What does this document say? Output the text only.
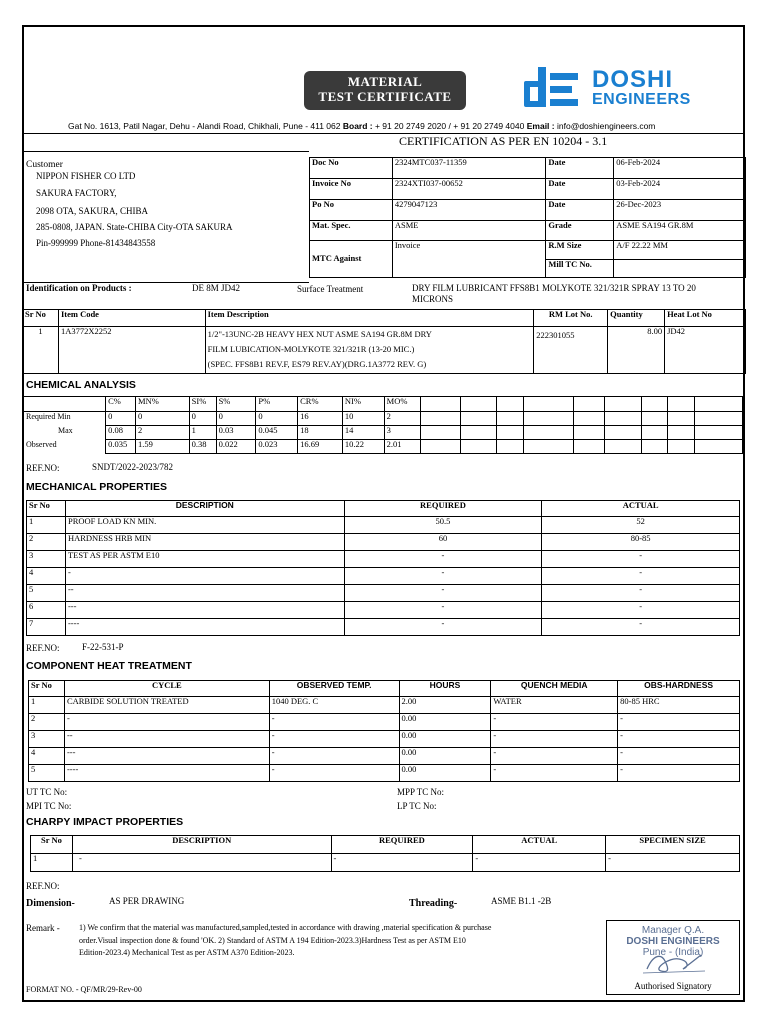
MATERIAL
TEST CERTIFICATE
DOSHI
ENGINEERS
Gat No. 1613, Patil Nagar, Dehu - Alandi Road, Chikhali, Pune - 411 062 Board : + 91 20 2749 2020 / + 91 20 2749 4040 Email : info@doshiengineers.com
CERTIFICATION AS PER EN 10204 - 3.1
Customer
NIPPON FISHER CO LTD
SAKURA FACTORY,
2098 OTA, SAKURA, CHIBA
285-0808, JAPAN. State-CHIBA City-OTA SAKURA
Pin-999999 Phone-81434843558
Doc No	2324MTC037-11359	Date	06-Feb-2024
Invoice No	2324XTI037-00652	Date	03-Feb-2024
Po No	4279047123	Date	26-Dec-2023
Mat. Spec.	ASME	Grade	ASME SA194 GR.8M
MTC Against	Invoice	R.M Size	A/F 22.22 MM
		Mill TC No.	
Identification on Products :	DE 8M JD42	Surface Treatment	DRY FILM LUBRICANT FFS8B1 MOLYKOTE 321/321R SPRAY 13 TO 20
MICRONS
Sr No	Item Code	Item Description	RM Lot No.	Quantity	Heat Lot No
1	1A3772X2252	1/2"-13UNC-2B HEAVY HEX NUT ASME SA194 GR.8M DRY
FILM LUBICATION-MOLYKOTE 321/321R (13-20 MIC.)
(SPEC. FFS8B1 REV.F, ES79 REV.AY)(DRG.1A3772 REV. G)	222301055	8.00	JD42
CHEMICAL ANALYSIS
	C%	MN%	SI%	S%	P%	CR%	NI%	MO%									
Required Min	0	0	0	0	0	16	10	2									
Max	0.08	2	1	0.03	0.045	18	14	3									
Observed	0.035	1.59	0.38	0.022	0.023	16.69	10.22	2.01									
REF.NO:	SNDT/2022-2023/782
MECHANICAL PROPERTIES
Sr No	DESCRIPTION	REQUIRED	ACTUAL
1	PROOF LOAD KN MIN.	50.5	52
2	HARDNESS HRB MIN	60	80-85
3	TEST AS PER ASTM E10	-	-
4	-	-	-
5	--	-	-
6	---	-	-
7	----	-	-
REF.NO: F-22-531-P
COMPONENT HEAT TREATMENT
Sr No	CYCLE	OBSERVED TEMP.	HOURS	QUENCH MEDIA	OBS-HARDNESS
1	CARBIDE SOLUTION TREATED	1040 DEG. C	2.00	WATER	80-85 HRC
2	-	-	0.00	-	-
3	--	-	0.00	-	-
4	---	-	0.00	-	-
5	----	-	0.00	-	-
UT TC No:
MPI TC No:
MPP TC No:
LP TC No:
CHARPY IMPACT PROPERTIES
Sr No	DESCRIPTION	REQUIRED	ACTUAL	SPECIMEN SIZE
1	-	-	-	-
REF.NO:
Dimension-	AS PER DRAWING	Threading-	ASME B1.1 -2B
Remark - 1) We confirm that the material was manufactured,sampled,tested in accordance with drawing ,material specification & purchase
order.Visual inspection done & found 'OK. 2) Standard of ASTM A 194 Edition-2023.3)Hardness Test as per ASTM E10
Edition-2023.4) Mechanical Test as per ASTM A370 Edition-2023.
FORMAT NO. - QF/MR/29-Rev-00
Manager Q.A.
DOSHI ENGINEERS
Pune - (India)
Authorised Signatory
